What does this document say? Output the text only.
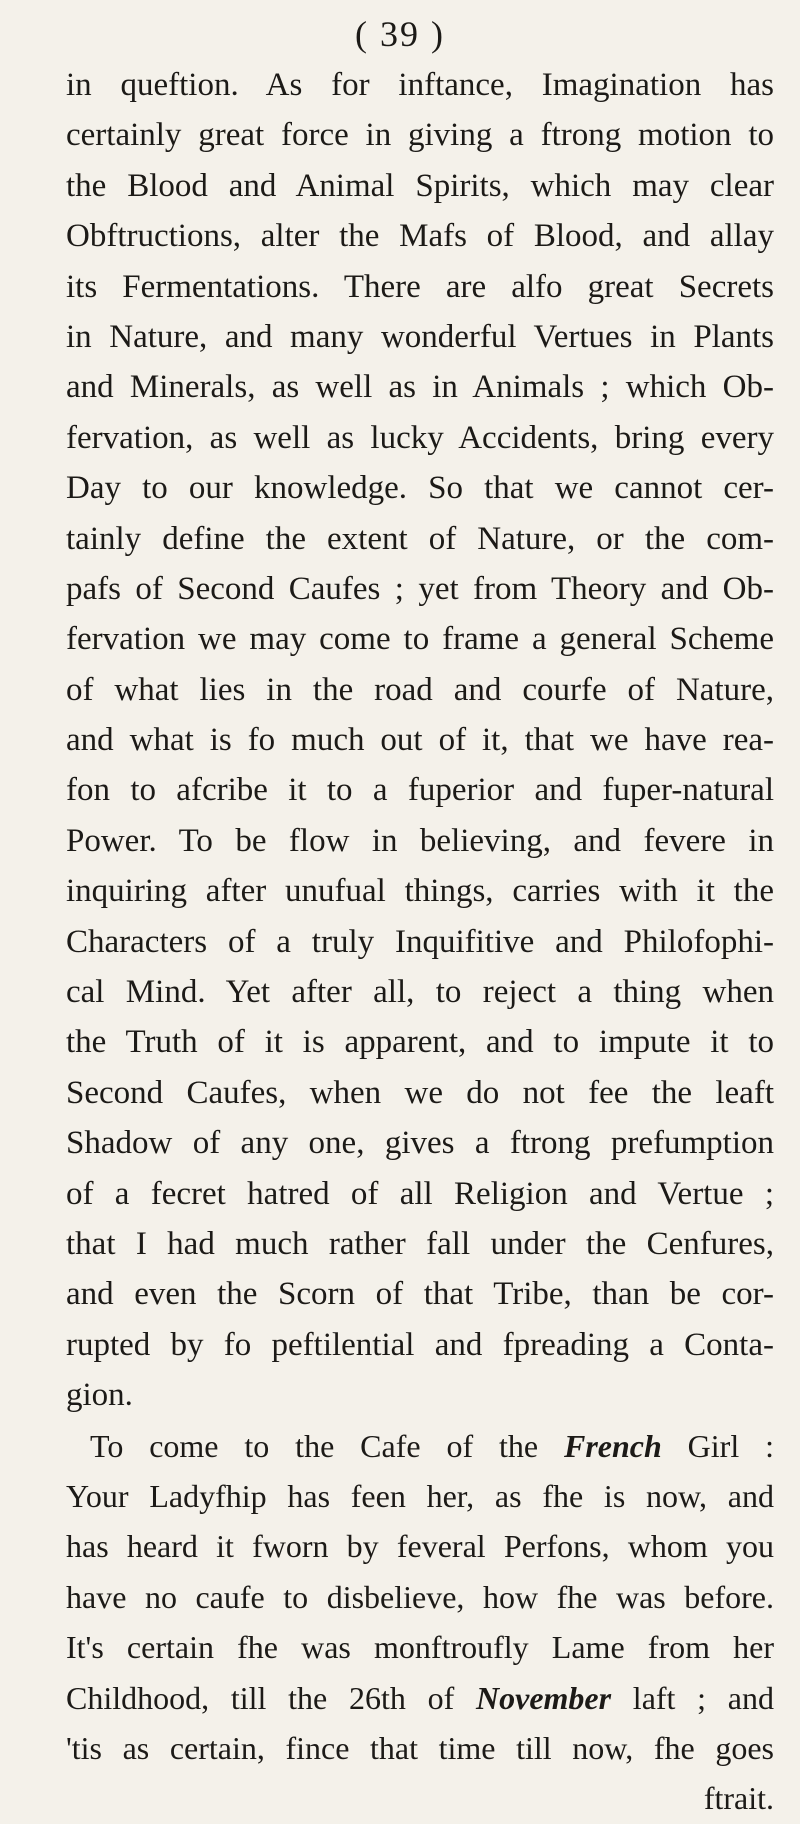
( 39 )
in queftion. As for inftance, Imagination has
certainly great force in giving a ftrong motion to
the Blood and Animal Spirits, which may clear
Obftructions, alter the Mafs of Blood, and allay
its Fermentations. There are alfo great Secrets
in Nature, and many wonderful Vertues in Plants
and Minerals, as well as in Animals ; which Ob-
fervation, as well as lucky Accidents, bring every
Day to our knowledge. So that we cannot cer-
tainly define the extent of Nature, or the com-
pafs of Second Caufes ; yet from Theory and Ob-
fervation we may come to frame a general Scheme
of what lies in the road and courfe of Nature,
and what is fo much out of it, that we have rea-
fon to afcribe it to a fuperior and fuper-natural
Power. To be flow in believing, and fevere in
inquiring after unufual things, carries with it the
Characters of a truly Inquifitive and Philofophi-
cal Mind. Yet after all, to reject a thing when
the Truth of it is apparent, and to impute it to
Second Caufes, when we do not fee the leaft
Shadow of any one, gives a ftrong prefumption
of a fecret hatred of all Religion and Vertue ;
that I had much rather fall under the Cenfures,
and even the Scorn of that Tribe, than be cor-
rupted by fo peftilential and fpreading a Conta-
gion.
To come to the Cafe of the French Girl :
Your Ladyfhip has feen her, as fhe is now, and
has heard it fworn by feveral Perfons, whom you
have no caufe to disbelieve, how fhe was before.
It's certain fhe was monftroufly Lame from her
Childhood, till the 26th of November laft ; and
'tis as certain, fince that time till now, fhe goes
ftrait.
